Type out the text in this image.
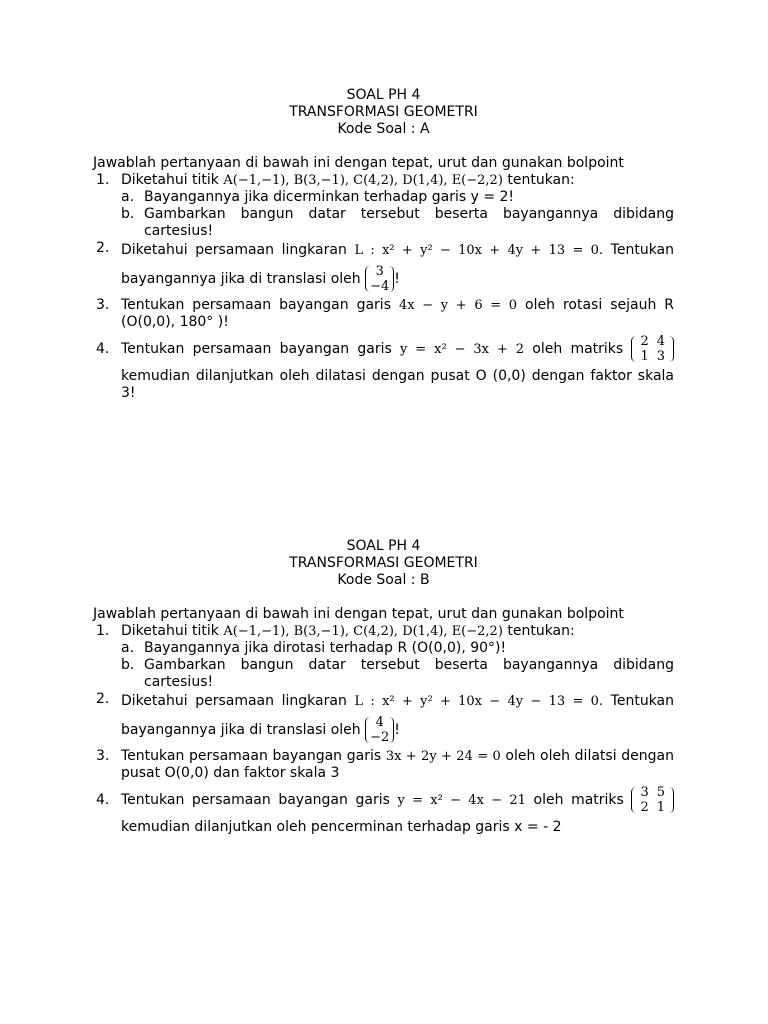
SOAL PH 4
TRANSFORMASI GEOMETRI
Kode Soal : A
Jawablah pertanyaan di bawah ini dengan tepat, urut dan gunakan bolpoint
1. Diketahui titik A(−1,−1), B(3,−1), C(4,2), D(1,4), E(−2,2) tentukan:
a. Bayangannya jika dicerminkan terhadap garis y = 2!
b. Gambarkan bangun datar tersebut beserta bayangannya dibidang cartesius!
2. Diketahui persamaan lingkaran L : x² + y² − 10x + 4y + 13 = 0. Tentukan
bayangannya jika di translasi oleh	3
−4 !
3. Tentukan persamaan bayangan garis 4x − y + 6 = 0 oleh rotasi sejauh R (O(0,0), 180° )!
4. Tentukan persamaan bayangan garis y = x² − 3x + 2 oleh matriks 2	4
1	3
kemudian dilanjutkan oleh dilatasi dengan pusat O (0,0) dengan faktor skala 3!
SOAL PH 4
TRANSFORMASI GEOMETRI
Kode Soal : B
Jawablah pertanyaan di bawah ini dengan tepat, urut dan gunakan bolpoint
1. Diketahui titik A(−1,−1), B(3,−1), C(4,2), D(1,4), E(−2,2) tentukan:
a. Bayangannya jika dirotasi terhadap R (O(0,0), 90°)!
b. Gambarkan bangun datar tersebut beserta bayangannya dibidang cartesius!
2. Diketahui persamaan lingkaran L : x² + y² + 10x − 4y − 13 = 0. Tentukan
bayangannya jika di translasi oleh	4
−2 !
3. Tentukan persamaan bayangan garis 3x + 2y + 24 = 0 oleh oleh dilatsi dengan pusat O(0,0) dan faktor skala 3
4. Tentukan persamaan bayangan garis y = x² − 4x − 21 oleh matriks 3	5
2	1
kemudian dilanjutkan oleh pencerminan terhadap garis x = - 2
